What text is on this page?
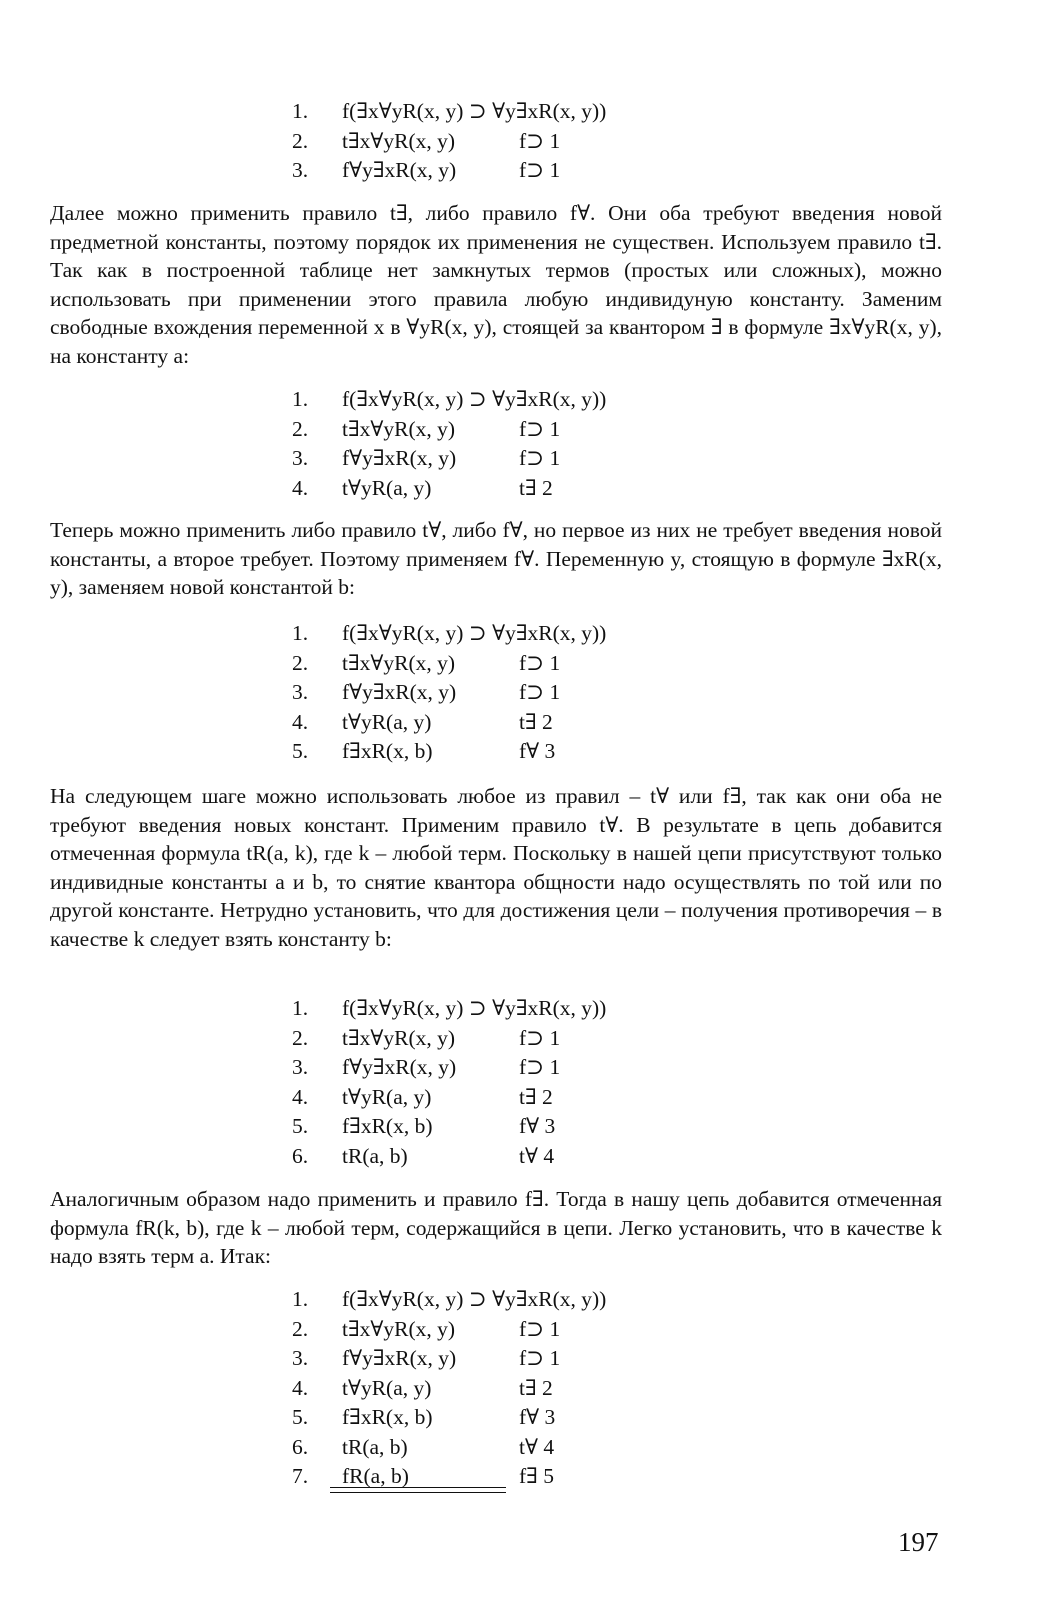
1. f(∃x∀yR(x, y) ⊃ ∀y∃xR(x, y))
2. t∃x∀yR(x, y)	f⊃ 1
3. f∀y∃xR(x, y)	f⊃ 1
Далее можно применить правило t∃, либо правило f∀. Они оба требуют введения новой предметной константы, поэтому порядок их применения не существен. Используем правило t∃. Так как в построенной таблице нет замкнутых термов (простых или сложных), можно использовать при применении этого правила любую индивидуную константу. Заменим свободные вхождения переменной x в ∀yR(x, y), стоящей за квантором ∃ в формуле ∃x∀yR(x, y), на константу a:
1. f(∃x∀yR(x, y) ⊃ ∀y∃xR(x, y))
2. t∃x∀yR(x, y)	f⊃ 1
3. f∀y∃xR(x, y)	f⊃ 1
4. t∀yR(a, y)	t∃ 2
Теперь можно применить либо правило t∀, либо f∀, но первое из них не требует введения новой константы, а второе требует. Поэтому применяем f∀. Переменную y, стоящую в формуле ∃xR(x, y), заменяем новой константой b:
1. f(∃x∀yR(x, y) ⊃ ∀y∃xR(x, y))
2. t∃x∀yR(x, y)	f⊃ 1
3. f∀y∃xR(x, y)	f⊃ 1
4. t∀yR(a, y)	t∃ 2
5. f∃xR(x, b)	f∀ 3
На следующем шаге можно использовать любое из правил – t∀ или f∃, так как они оба не требуют введения новых констант. Применим правило t∀. В результате в цепь добавится отмеченная формула tR(a, k), где k – любой терм. Поскольку в нашей цепи присутствуют только индивидные константы a и b, то снятие квантора общности надо осуществлять по той или по другой константе. Нетрудно установить, что для достижения цели – получения противоречия – в качестве k следует взять константу b:
1. f(∃x∀yR(x, y) ⊃ ∀y∃xR(x, y))
2. t∃x∀yR(x, y)	f⊃ 1
3. f∀y∃xR(x, y)	f⊃ 1
4. t∀yR(a, y)	t∃ 2
5. f∃xR(x, b)	f∀ 3
6. tR(a, b)	t∀ 4
Аналогичным образом надо применить и правило f∃. Тогда в нашу цепь добавится отмеченная формула fR(k, b), где k – любой терм, содержащийся в цепи. Легко установить, что в качестве k надо взять терм a. Итак:
1. f(∃x∀yR(x, y) ⊃ ∀y∃xR(x, y))
2. t∃x∀yR(x, y)	f⊃ 1
3. f∀y∃xR(x, y)	f⊃ 1
4. t∀yR(a, y)	t∃ 2
5. f∃xR(x, b)	f∀ 3
6. tR(a, b)	t∀ 4
7. fR(a, b)	f∃ 5
197
